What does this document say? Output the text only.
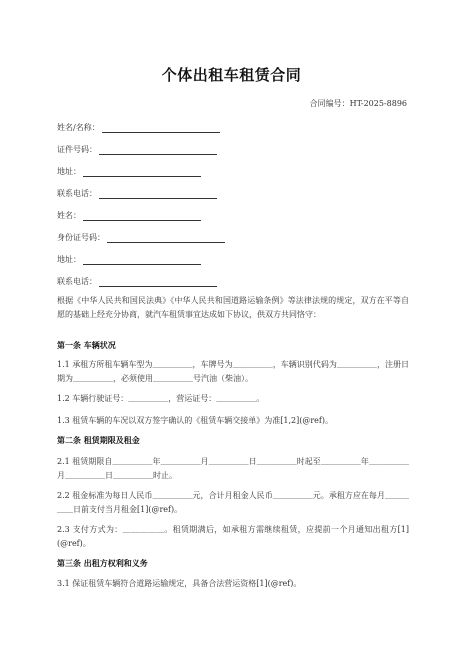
个体出租车租赁合同
合同编号：HT-2025-8896
姓名/名称：
证件号码：
地址：
联系电话：
姓名：
身份证号码：
地址：
联系电话：
根据《中华人民共和国民法典》《中华人民共和国道路运输条例》等法律法规的规定，双方在平等自愿的基础上经充分协商，就汽车租赁事宜达成如下协议，供双方共同恪守：
第一条 车辆状况
1.1 承租方所租车辆车型为＿＿＿＿＿，车牌号为＿＿＿＿＿，车辆识别代码为＿＿＿＿＿，注册日期为＿＿＿＿＿，必须使用＿＿＿＿＿号汽油（柴油）。
1.2 车辆行驶证号：＿＿＿＿＿，营运证号：＿＿＿＿＿。
1.3 租赁车辆的车况以双方签字确认的《租赁车辆交接单》为准[1,2](@ref)。
第二条 租赁期限及租金
2.1 租赁期限自＿＿＿＿＿年＿＿＿＿＿月＿＿＿＿＿日＿＿＿＿＿时起至＿＿＿＿＿年＿＿＿＿＿月＿＿＿＿＿日＿＿＿＿＿时止。
2.2 租金标准为每日人民币＿＿＿＿＿元，合计月租金人民币＿＿＿＿＿元。承租方应在每月＿＿＿＿＿日前支付当月租金[1](@ref)。
2.3 支付方式为：＿＿＿＿＿。租赁期满后，如承租方需继续租赁，应提前一个月通知出租方[1](@ref)。
第三条 出租方权利和义务
3.1 保证租赁车辆符合道路运输规定，具备合法营运资格[1](@ref)。
